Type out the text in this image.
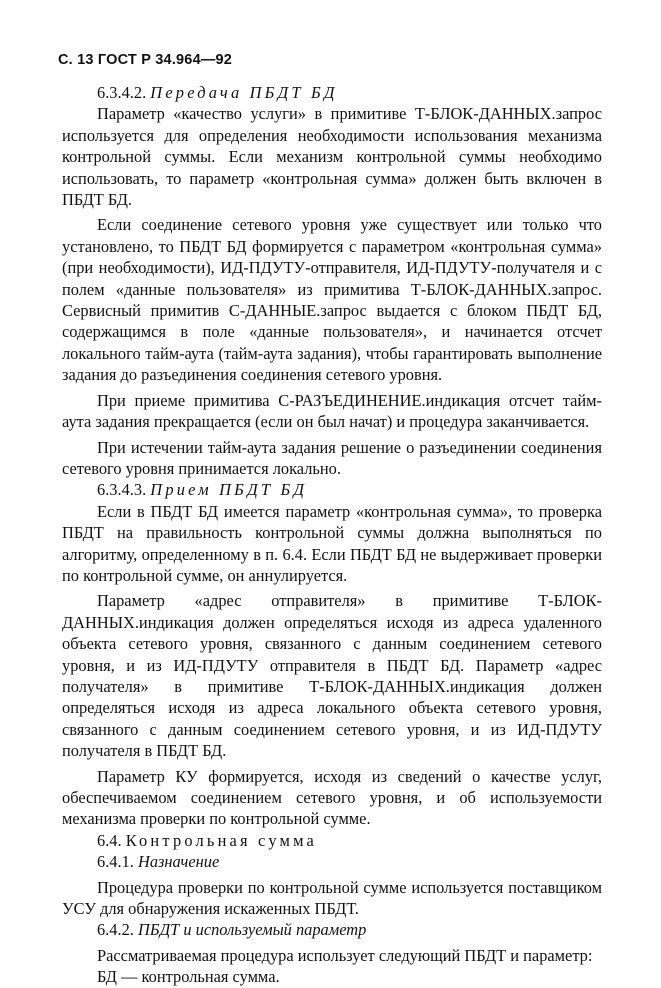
С. 13 ГОСТ Р 34.964—92
6.3.4.2. Передача ПБДТ БД

Параметр «качество услуги» в примитиве Т-БЛОК-ДАННЫХ.запрос используется для определения необходимости использования механизма контрольной суммы. Если механизм контрольной суммы необходимо использовать, то параметр «контрольная сумма» должен быть включен в ПБДТ БД.

Если соединение сетевого уровня уже существует или только что установлено, то ПБДТ БД формируется с параметром «контрольная сумма» (при необходимости), ИД-ПДУТУ-отправителя, ИД-ПДУТУ-получателя и с полем «данные пользователя» из примитива Т-БЛОК-ДАННЫХ.запрос. Сервисный примитив С-ДАННЫЕ.запрос выдается с блоком ПБДТ БД, содержащимся в поле «данные пользователя», и начинается отсчет локального тайм-аута (тайм-аута задания), чтобы гарантировать выполнение задания до разъединения соединения сетевого уровня.

При приеме примитива С-РАЗЪЕДИНЕНИЕ.индикация отсчет тайм-аута задания прекращается (если он был начат) и процедура заканчивается.

При истечении тайм-аута задания решение о разъединении соединения сетевого уровня принимается локально.

6.3.4.3. Прием ПБДТ БД

Если в ПБДТ БД имеется параметр «контрольная сумма», то проверка ПБДТ на правильность контрольной суммы должна выполняться по алгоритму, определенному в п. 6.4. Если ПБДТ БД не выдерживает проверки по контрольной сумме, он аннулируется.

Параметр «адрес отправителя» в примитиве Т-БЛОК-ДАННЫХ.индикация должен определяться исходя из адреса удаленного объекта сетевого уровня, связанного с данным соединением сетевого уровня, и из ИД-ПДУТУ отправителя в ПБДТ БД. Параметр «адрес получателя» в примитиве Т-БЛОК-ДАННЫХ.индикация должен определяться исходя из адреса локального объекта сетевого уровня, связанного с данным соединением сетевого уровня, и из ИД-ПДУТУ получателя в ПБДТ БД.

Параметр КУ формируется, исходя из сведений о качестве услуг, обеспечиваемом соединением сетевого уровня, и об используемости механизма проверки по контрольной сумме.

6.4. Контрольная сумма
6.4.1. Назначение

Процедура проверки по контрольной сумме используется поставщиком УСУ для обнаружения искаженных ПБДТ.

6.4.2. ПБДТ и используемый параметр

Рассматриваемая процедура использует следующий ПБДТ и параметр:

БД — контрольная сумма.
